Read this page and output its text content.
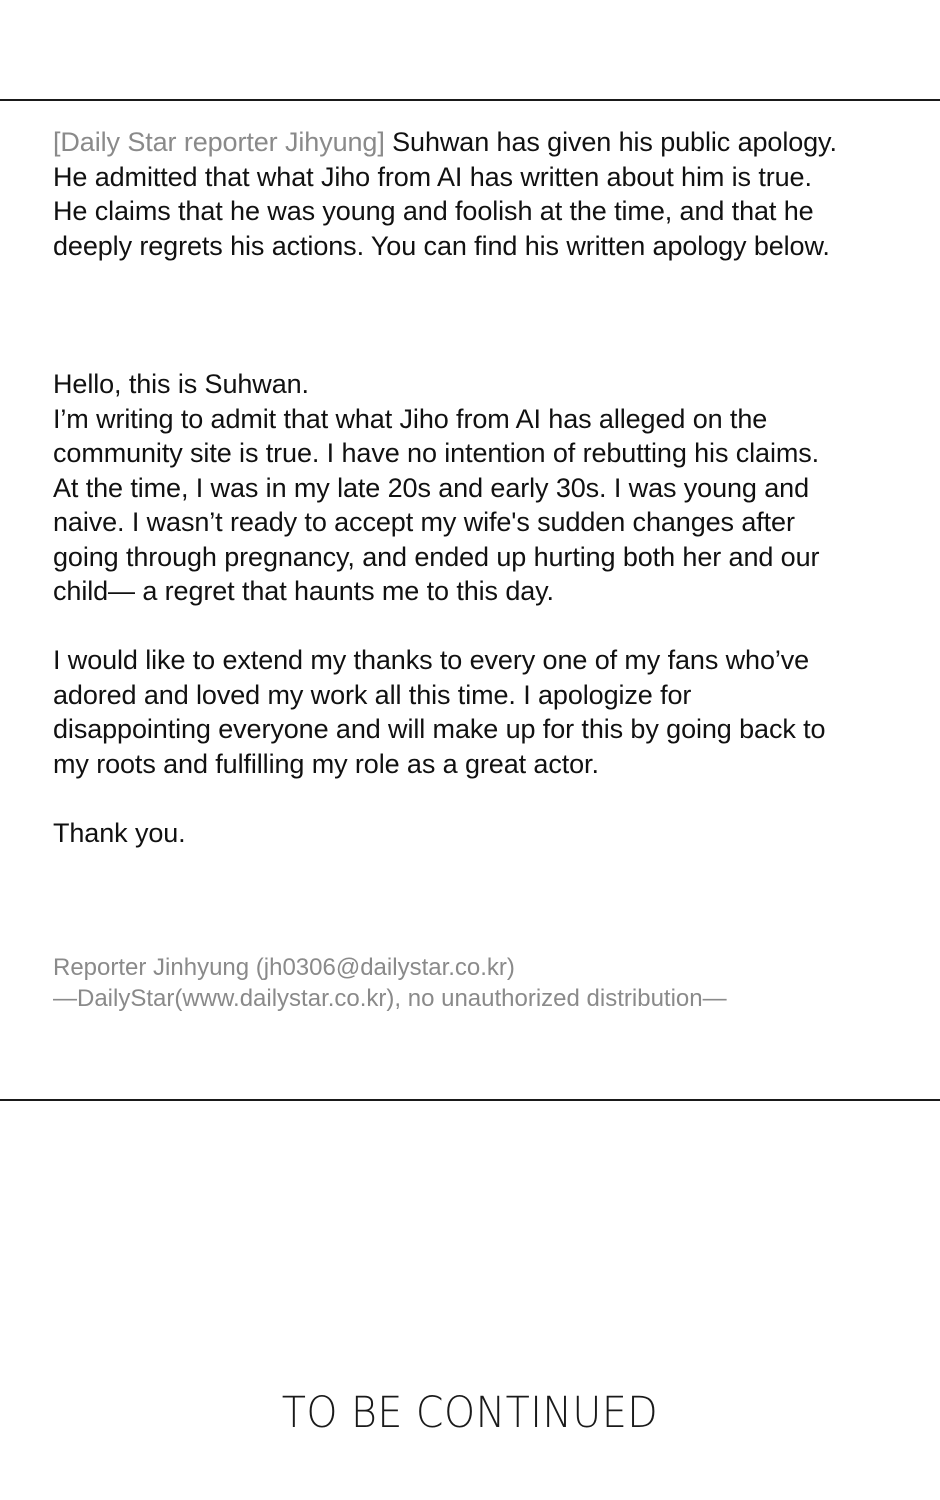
[Daily Star reporter Jihyung] Suhwan has given his public apology.
He admitted that what Jiho from AI has written about him is true.
He claims that he was young and foolish at the time, and that he
deeply regrets his actions. You can find his written apology below.
Hello, this is Suhwan.
I’m writing to admit that what Jiho from AI has alleged on the
community site is true. I have no intention of rebutting his claims.
At the time, I was in my late 20s and early 30s. I was young and
naive. I wasn’t ready to accept my wife's sudden changes after
going through pregnancy, and ended up hurting both her and our
child— a regret that haunts me to this day.
I would like to extend my thanks to every one of my fans who’ve
adored and loved my work all this time. I apologize for
disappointing everyone and will make up for this by going back to
my roots and fulfilling my role as a great actor.
Thank you.
Reporter Jinhyung (jh0306@dailystar.co.kr)
—DailyStar(www.dailystar.co.kr), no unauthorized distribution—
TO BE CONTINUED
